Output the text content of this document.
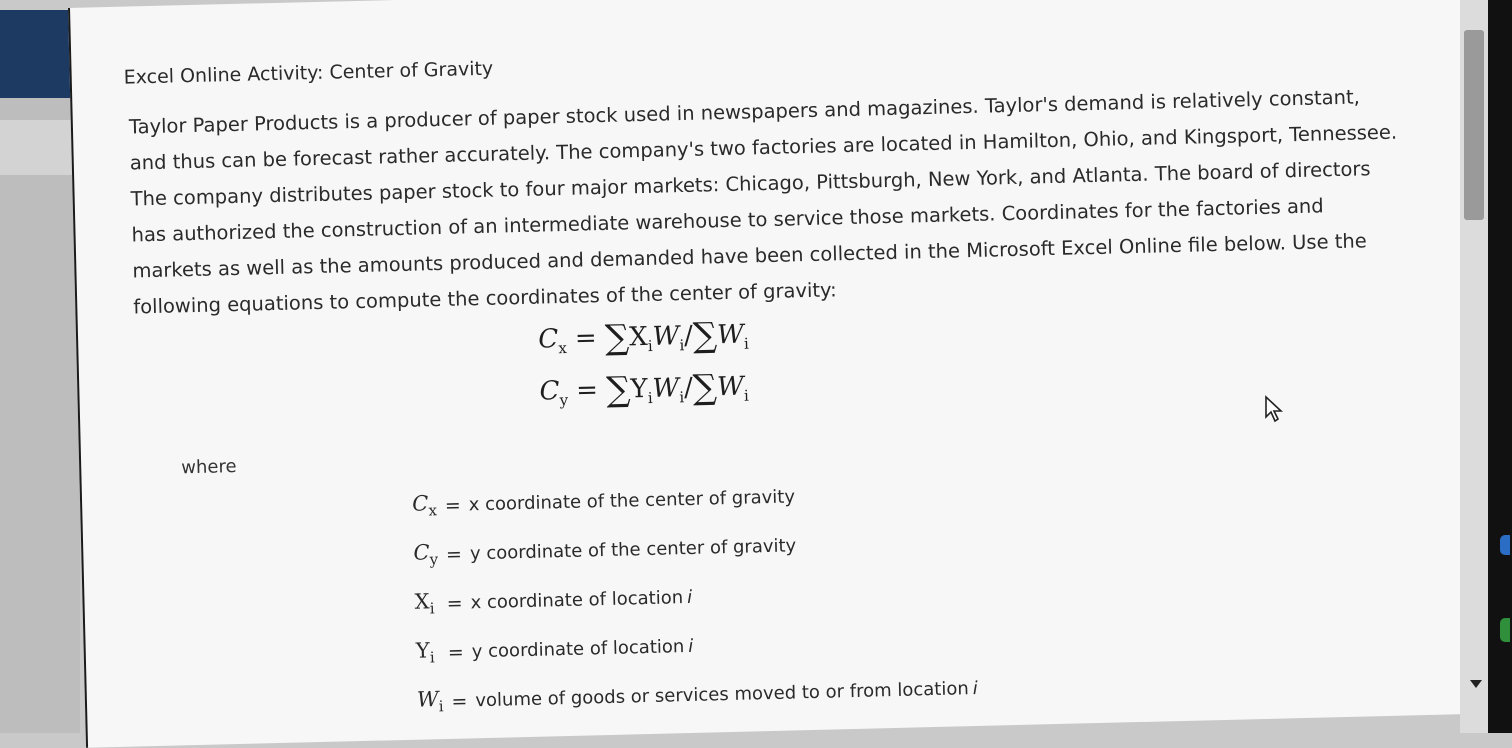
Excel Online Activity: Center of Gravity

Taylor Paper Products is a producer of paper stock used in newspapers and magazines. Taylor's demand is relatively constant, and thus can be forecast rather accurately. The company's two factories are located in Hamilton, Ohio, and Kingsport, Tennessee. The company distributes paper stock to four major markets: Chicago, Pittsburgh, New York, and Atlanta. The board of directors has authorized the construction of an intermediate warehouse to service those markets. Coordinates for the factories and markets as well as the amounts produced and demanded have been collected in the Microsoft Excel Online file below. Use the following equations to compute the coordinates of the center of gravity:

$C_x = \sum X_iW_i/\sum W_i$
$C_y = \sum Y_iW_i/\sum W_i$
where
$C_x = x$ coordinate of the center of gravity
$C_y = y$ coordinate of the center of gravity
$X_i = x$ coordinate of location i
$Y_i = y$ coordinate of location i
$W_i$ = volume of goods or services moved to or from location i
